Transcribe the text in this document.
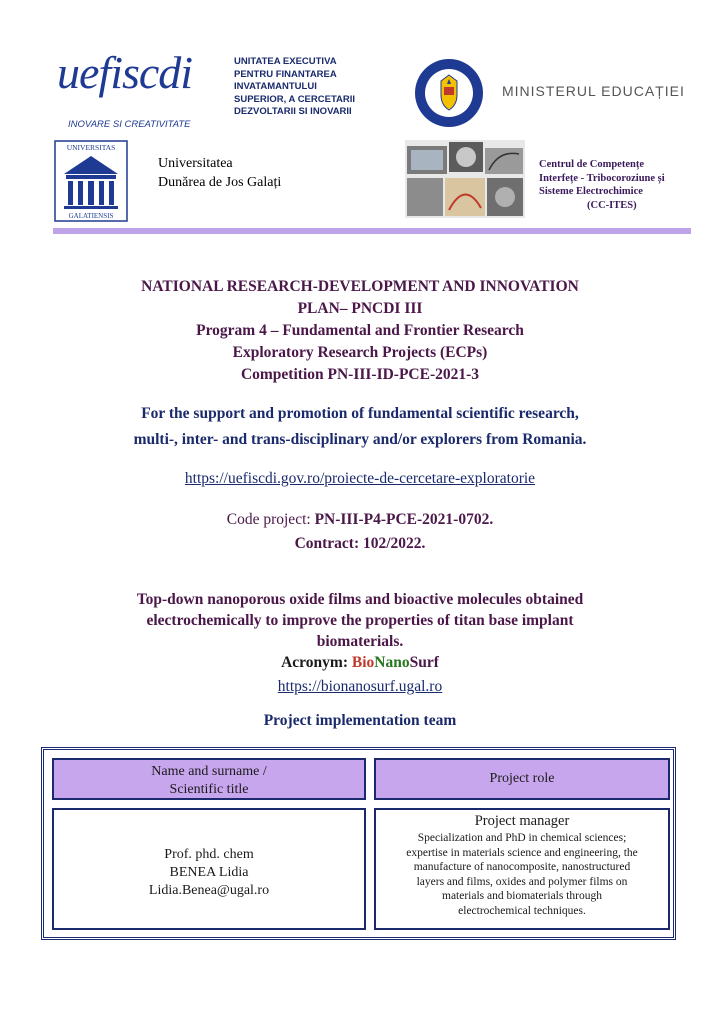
uefiscdi
INOVARE SI CREATIVITATE
UNITATEA EXECUTIVA
PENTRU FINANTAREA
INVATAMANTULUI
SUPERIOR, A CERCETARII
DEZVOLTARII SI INOVARII
MINISTERUL EDUCAȚIEI
UNIVERSITAS
GALATIENSIS
Universitatea
Dunărea de Jos Galați
Centrul de Competențe
Interfețe - Tribocoroziune și
Sisteme Electrochimice
(CC-ITES)
NATIONAL RESEARCH-DEVELOPMENT AND INNOVATION
PLAN– PNCDI III
Program 4 – Fundamental and Frontier Research
Exploratory Research Projects (ECPs)
Competition PN-III-ID-PCE-2021-3
For the support and promotion of fundamental scientific research,
multi-, inter- and trans-disciplinary and/or explorers from Romania.
https://uefiscdi.gov.ro/proiecte-de-cercetare-exploratorie
Code project: PN-III-P4-PCE-2021-0702.
Contract: 102/2022.
Top-down nanoporous oxide films and bioactive molecules obtained
electrochemically to improve the properties of titan base implant
biomaterials.
Acronym: BioNanoSurf
https://bionanosurf.ugal.ro
Project implementation team
Name and surname /
Scientific title
Project role
Prof. phd. chem
BENEA Lidia
Lidia.Benea@ugal.ro
Project manager
Specialization and PhD in chemical sciences;
expertise in materials science and engineering, the
manufacture of nanocomposite, nanostructured
layers and films, oxides and polymer films on
materials and biomaterials through
electrochemical techniques.
